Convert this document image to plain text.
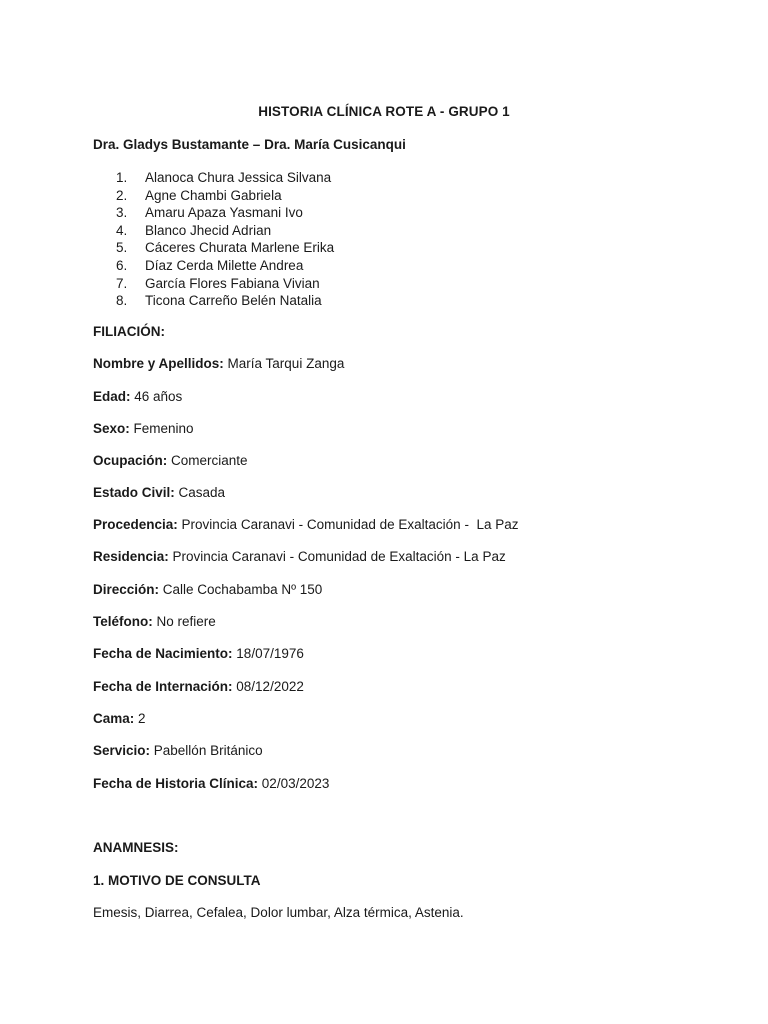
HISTORIA CLÍNICA ROTE A - GRUPO 1
Dra. Gladys Bustamante – Dra. María Cusicanqui
1.	Alanoca Chura Jessica Silvana
2.	Agne Chambi Gabriela
3.	Amaru Apaza Yasmani Ivo
4.	Blanco Jhecid Adrian
5.	Cáceres Churata Marlene Erika
6.	Díaz Cerda Milette Andrea
7.	García Flores Fabiana Vivian
8.	Ticona Carreño Belén Natalia
FILIACIÓN:
Nombre y Apellidos: María Tarqui Zanga
Edad: 46 años
Sexo: Femenino
Ocupación: Comerciante
Estado Civil: Casada
Procedencia: Provincia Caranavi - Comunidad de Exaltación -  La Paz
Residencia: Provincia Caranavi - Comunidad de Exaltación - La Paz
Dirección: Calle Cochabamba Nº 150
Teléfono: No refiere
Fecha de Nacimiento: 18/07/1976
Fecha de Internación: 08/12/2022
Cama: 2
Servicio: Pabellón Británico
Fecha de Historia Clínica: 02/03/2023
ANAMNESIS:
1. MOTIVO DE CONSULTA
Emesis, Diarrea, Cefalea, Dolor lumbar, Alza térmica, Astenia.
